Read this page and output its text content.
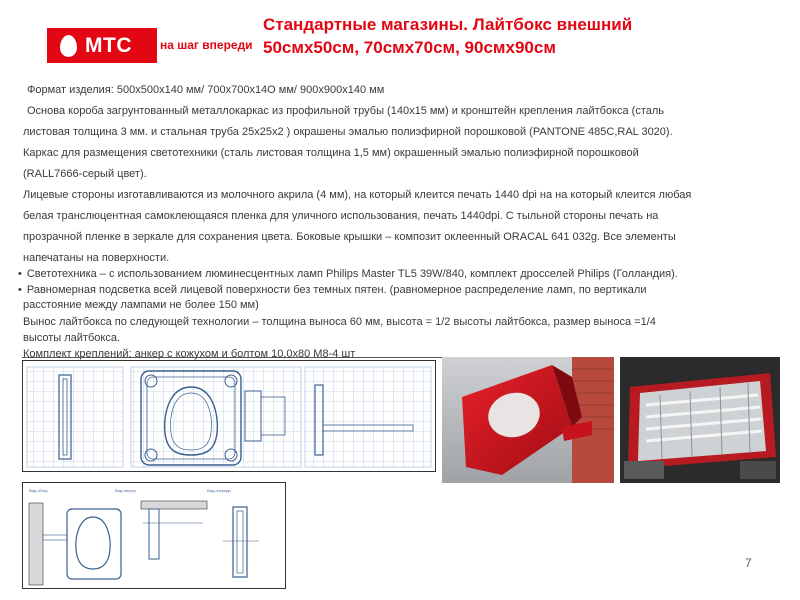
МТС на шаг впереди
Стандартные магазины. Лайтбокс внешний
50смх50см, 70смх70см, 90смх90см
Формат изделия: 500х500х140 мм/ 700х700х14О мм/ 900х900х140 мм
Основа короба загрунтованный металлокаркас из профильной трубы (140х15 мм) и кронштейн крепления лайтбокса (сталь
листовая толщина 3 мм. и стальная труба 25х25х2 ) окрашены эмалью полиэфирной порошковой (PANTONE 485C,RAL 3020).
Каркас для размещения светотехники (сталь листовая толщина 1,5 мм) окрашенный эмалью полиэфирной порошковой
(RALL7666-серый цвет).
Лицевые стороны изготавливаются из молочного акрила (4 мм), на который клеится печать 1440 dpi на на который клеится любая
белая транслюцентная самоклеющаяся пленка для уличного использования, печать 1440dpi. С тыльной стороны печать на
прозрачной пленке в зеркале для сохранения цвета. Боковые крышки – композит оклеенный ORACAL 641 032g. Все элементы
напечатаны на поверхности.
• Светотехника – с использованием люминесцентных ламп Philips Master TL5 39W/840, комплект дросселей Philips (Голландия).
• Равномерная подсветка всей лицевой поверхности без темных пятен. (равномерное распределение ламп, по вертикали
расстояние между лампами не более 150 мм)
Вынос лайтбокса по следующей технологии – толщина выноса 60 мм, высота = 1/2 высоты лайтбокса, размер выноса =1/4
высоты лайтбокса.
Комплект креплений: анкер с кожухом и болтом 10,0х80 М8-4 шт
Вид сбоку	Вид сверху	Вид спереди
7
